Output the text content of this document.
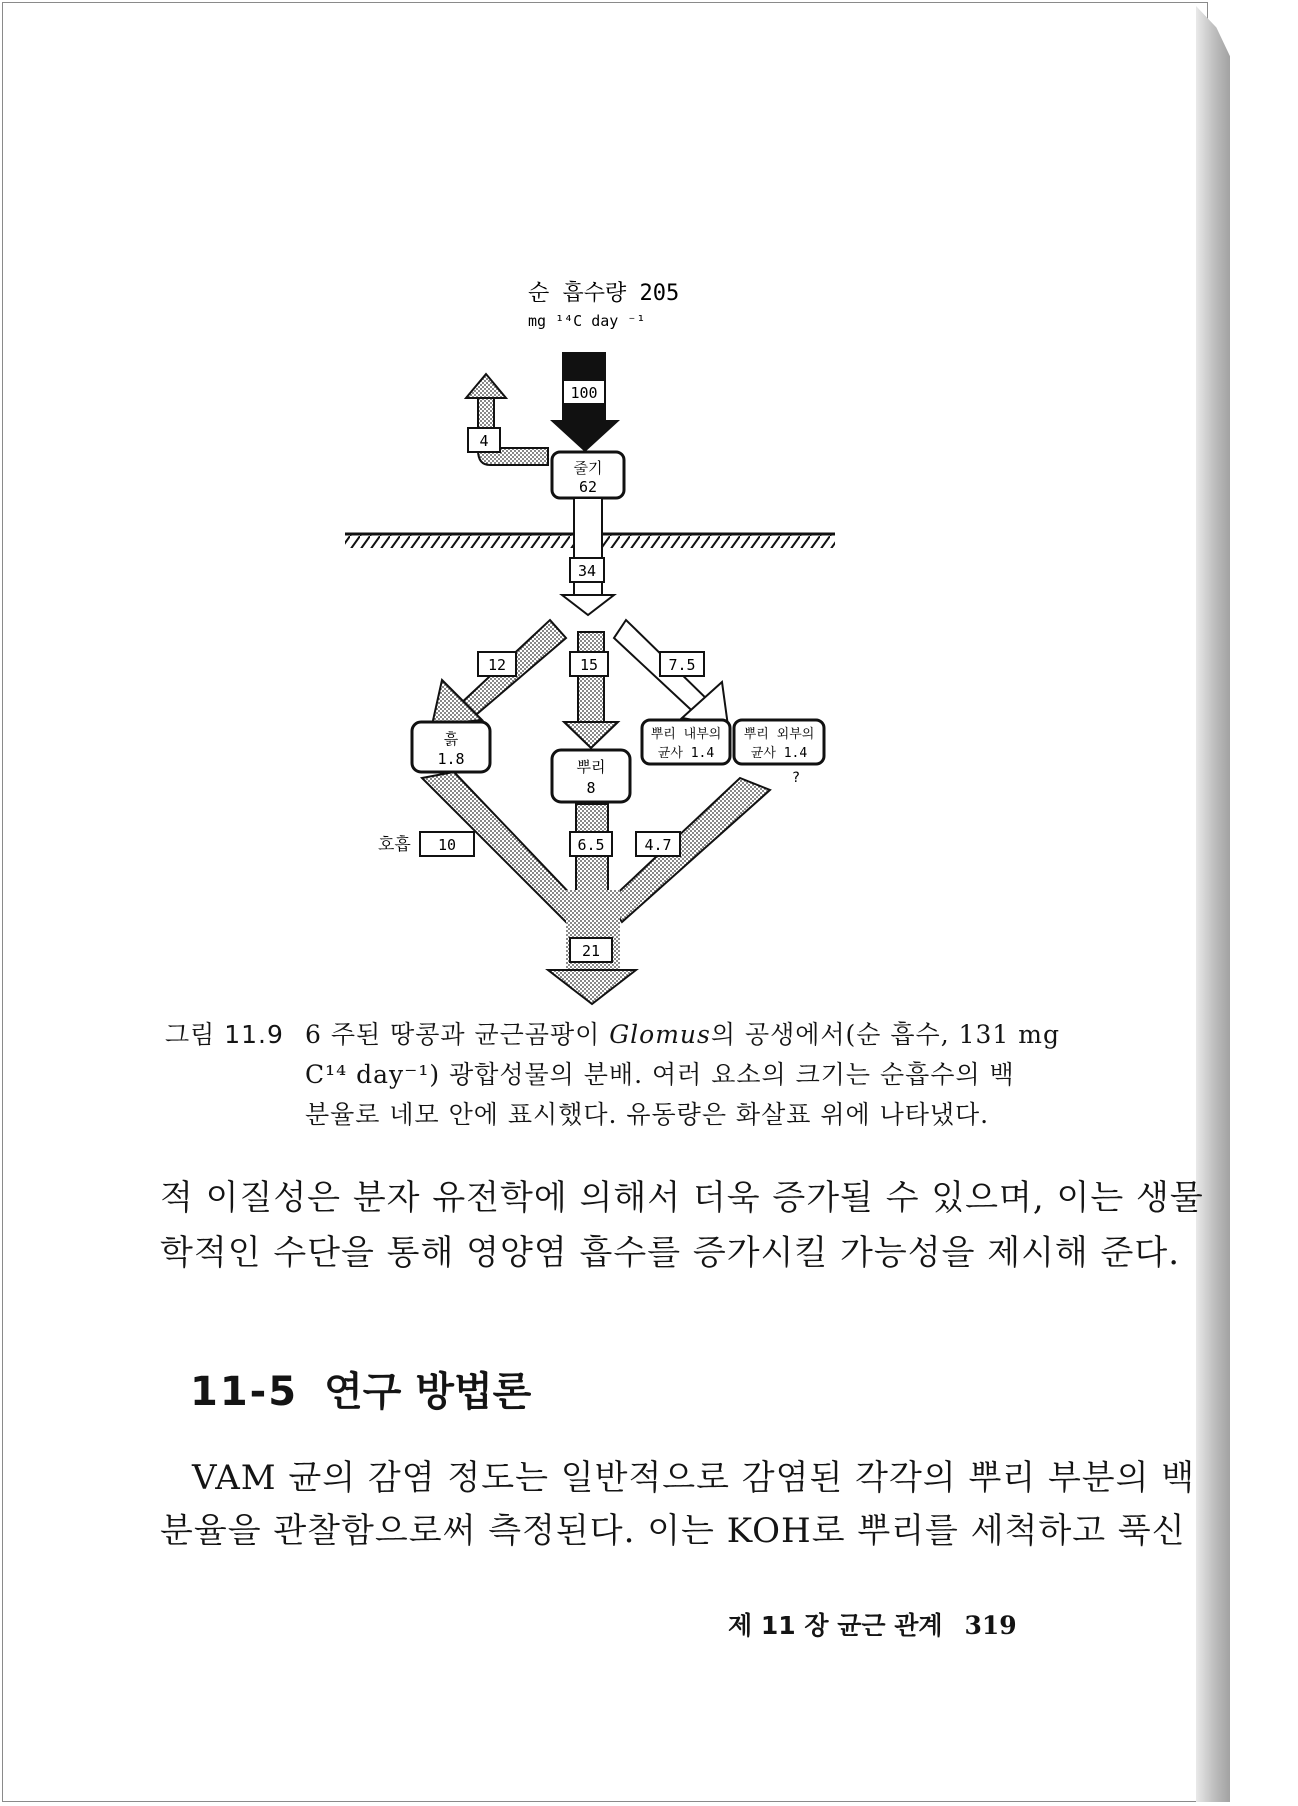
순 흡수량 205
mg ¹⁴C day ⁻¹
100
4
줄기
62
34
12	15	7.5
흙
1.8	뿌리
8
뿌리 내부의
균사 1.4
뿌리 외부의
균사 1.4
?
호흡 10	6.5	4.7
21
그림 11.9 6 주된 땅콩과 균근곰팡이 Glomus의 공생에서(순 흡수, 131 mg
C¹⁴ day⁻¹) 광합성물의 분배. 여러 요소의 크기는 순흡수의 백
분율로 네모 안에 표시했다. 유동량은 화살표 위에 나타냈다.
적 이질성은 분자 유전학에 의해서 더욱 증가될 수 있으며, 이는 생물
학적인 수단을 통해 영양염 흡수를 증가시킬 가능성을 제시해 준다.
11-5 연구 방법론
VAM 균의 감염 정도는 일반적으로 감염된 각각의 뿌리 부분의 백
분율을 관찰함으로써 측정된다. 이는 KOH로 뿌리를 세척하고 푹신
제 11 장 균근 관계 319
